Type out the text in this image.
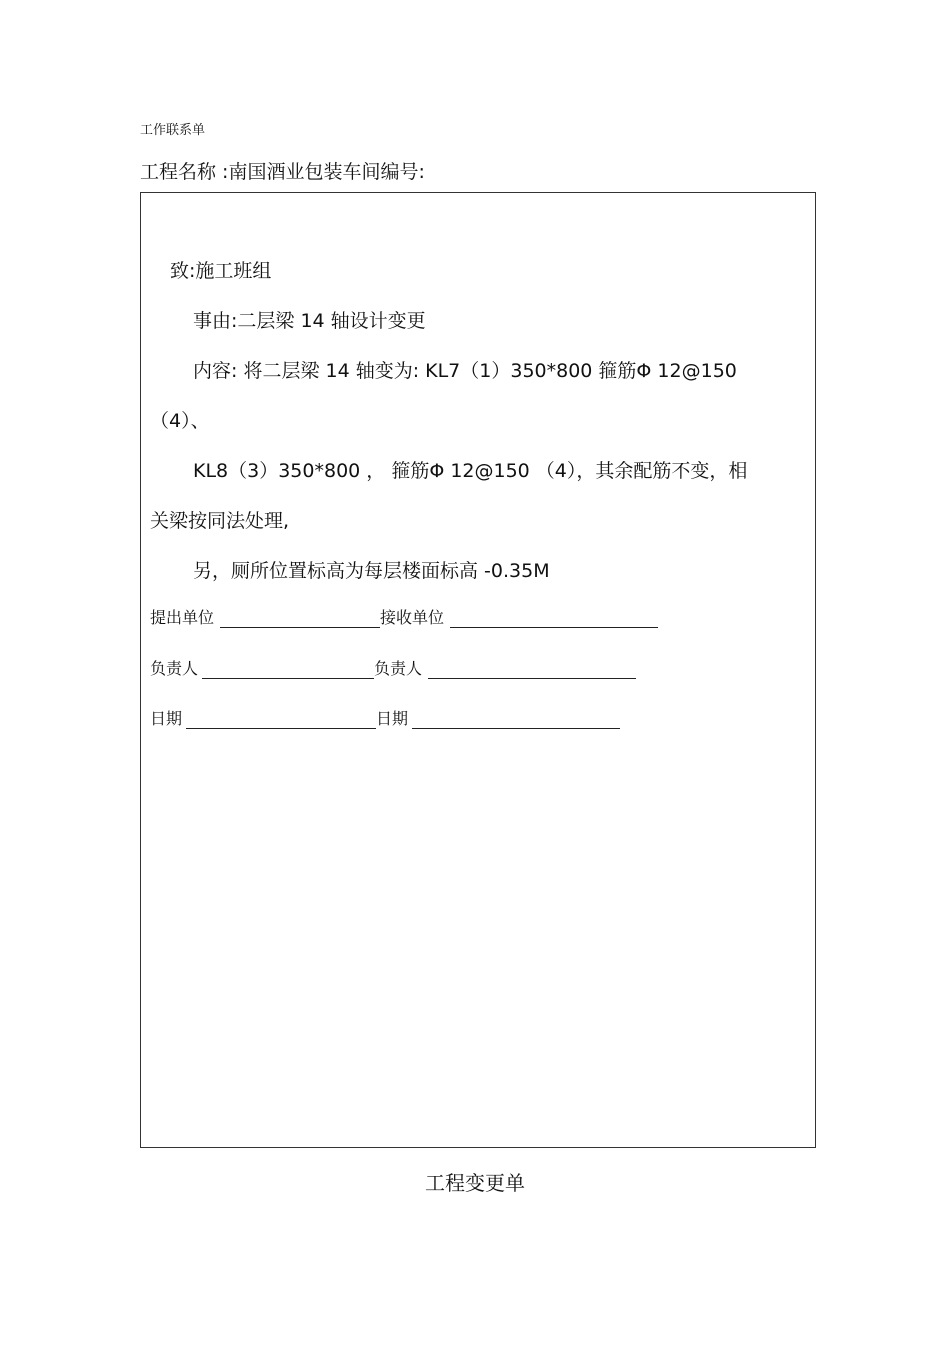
工作联系单
工程名称 :南国酒业包装车间编号:
致:施工班组
事由:二层梁 14 轴设计变更
内容: 将二层梁 14 轴变为: KL7（1）350*800 箍筋Φ 12@150
（4）、
KL8（3）350*800 ， 箍筋Φ 12@150 （4），其余配筋不变，相
关梁按同法处理,
另，厕所位置标高为每层楼面标高 -0.35M
提出单位	接收单位
负责人	负责人
日期	日期
工程变更单
